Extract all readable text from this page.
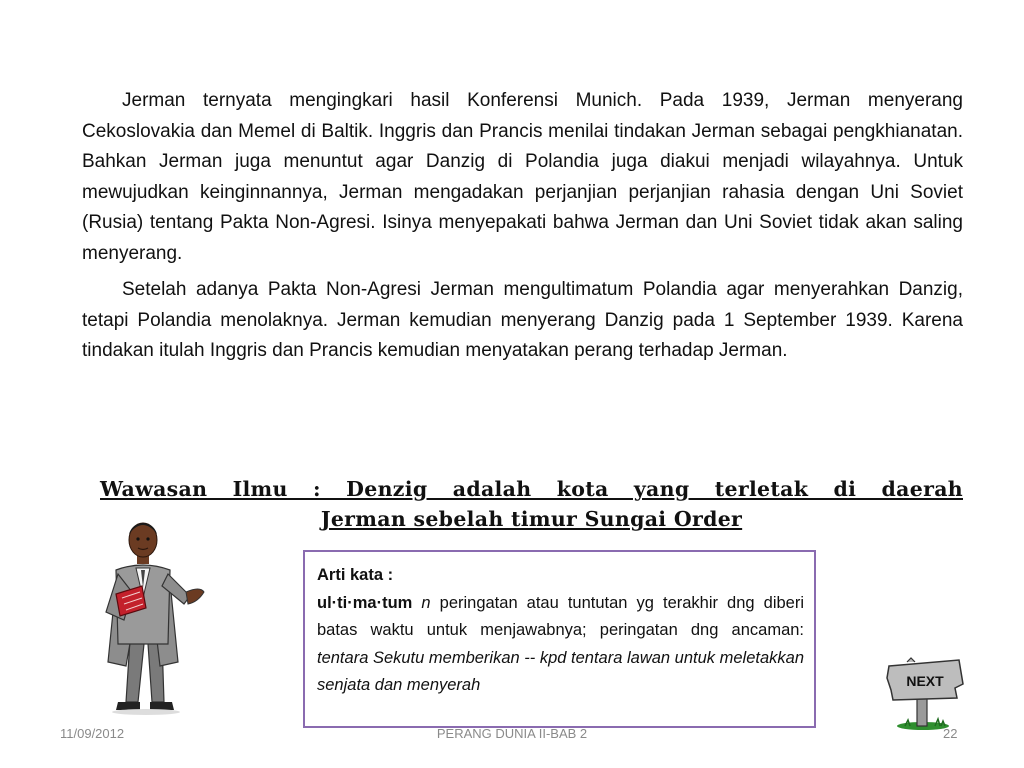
Jerman ternyata mengingkari hasil Konferensi Munich. Pada 1939, Jerman menyerang Cekoslovakia dan Memel di Baltik. Inggris dan Prancis menilai tindakan Jerman sebagai pengkhianatan. Bahkan Jerman juga menuntut agar Danzig di Polandia juga diakui menjadi wilayahnya. Untuk mewujudkan keinginnannya, Jerman mengadakan perjanjian perjanjian rahasia dengan Uni Soviet (Rusia) tentang Pakta Non-Agresi. Isinya menyepakati bahwa Jerman dan Uni Soviet tidak akan saling menyerang.

Setelah adanya Pakta Non-Agresi Jerman mengultimatum Polandia agar menyerahkan Danzig, tetapi Polandia menolaknya. Jerman kemudian menyerang Danzig pada 1 September 1939. Karena tindakan itulah Inggris dan Prancis kemudian menyatakan perang terhadap Jerman.

Wawasan Ilmu : Denzig adalah kota yang terletak di daerah
Jerman sebelah timur Sungai Order
Arti kata :
ul·ti·ma·tum n peringatan atau tuntutan yg terakhir dng diberi batas waktu untuk menjawabnya; peringatan dng ancaman: tentara Sekutu memberikan -- kpd tentara lawan untuk meletakkan senjata dan menyerah	NEXT
11/09/2012	PERANG DUNIA II-BAB 2	22
